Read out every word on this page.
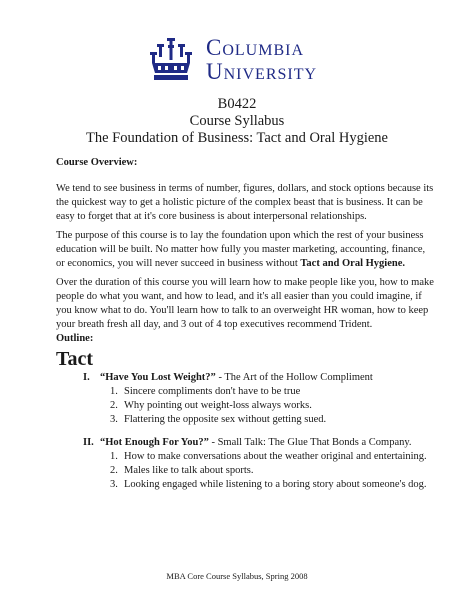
Columbia
University
B0422
Course Syllabus
The Foundation of Business: Tact and Oral Hygiene
Course Overview:

We tend to see business in terms of number, figures, dollars, and stock options because its the quickest way to get a holistic picture of the complex beast that is business. It can be easy to forget that at it's core business is about interpersonal relationships.

The purpose of this course is to lay the foundation upon which the rest of your business education will be built. No matter how fully you master marketing, accounting, finance, or economics, you will never succeed in business without Tact and Oral Hygiene.

Over the duration of this course you will learn how to make people like you, how to make people do what you want, and how to lead, and it's all easier than you could imagine, if you know what to do. You'll learn how to talk to an overweight HR woman, how to keep your breath fresh all day, and 3 out of 4 top executives recommend Trident.

Outline:
Tact
I. “Have You Lost Weight?” - The Art of the Hollow Compliment
1. Sincere compliments don't have to be true
2. Why pointing out weight-loss always works.
3. Flattering the opposite sex without getting sued.
II. “Hot Enough For You?” - Small Talk: The Glue That Bonds a Company.
1. How to make conversations about the weather original and entertaining.
2. Males like to talk about sports.
3. Looking engaged while listening to a boring story about someone's dog.
MBA Core Course Syllabus, Spring 2008
